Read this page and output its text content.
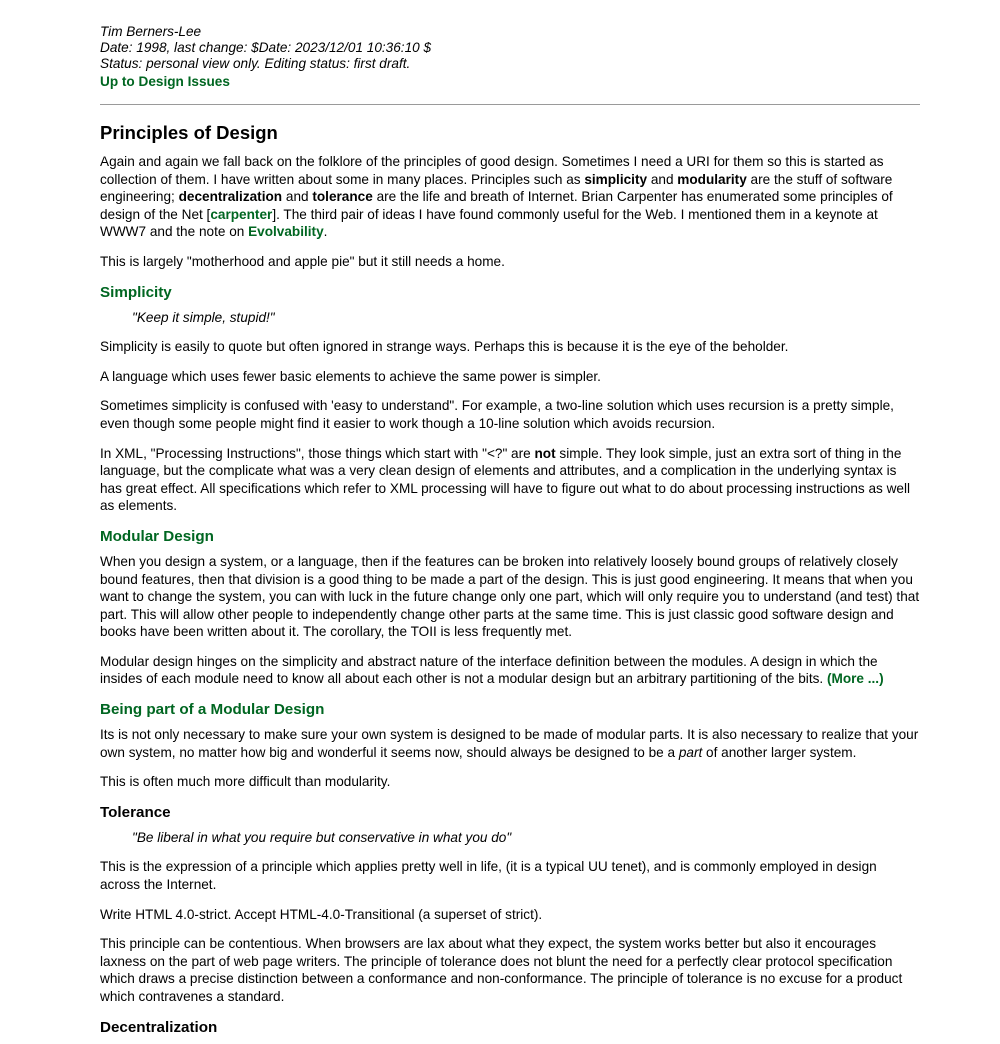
Tim Berners-Lee
Date: 1998, last change: $Date: 2023/12/01 10:36:10 $
Status: personal view only. Editing status: first draft.
Up to Design Issues
Principles of Design

Again and again we fall back on the folklore of the principles of good design. Sometimes I need a URI for them so this is started as collection of them. I have written about some in many places. Principles such as simplicity and modularity are the stuff of software engineering; decentralization and tolerance are the life and breath of Internet. Brian Carpenter has enumerated some principles of design of the Net [carpenter]. The third pair of ideas I have found commonly useful for the Web. I mentioned them in a keynote at WWW7 and the note on Evolvability.

This is largely "motherhood and apple pie" but it still needs a home.

Simplicity
"Keep it simple, stupid!"

Simplicity is easily to quote but often ignored in strange ways. Perhaps this is because it is the eye of the beholder.

A language which uses fewer basic elements to achieve the same power is simpler.

Sometimes simplicity is confused with 'easy to understand". For example, a two-line solution which uses recursion is a pretty simple, even though some people might find it easier to work though a 10-line solution which avoids recursion.

In XML, "Processing Instructions", those things which start with "<?" are not simple. They look simple, just an extra sort of thing in the language, but the complicate what was a very clean design of elements and attributes, and a complication in the underlying syntax is has great effect. All specifications which refer to XML processing will have to figure out what to do about processing instructions as well as elements.

Modular Design

When you design a system, or a language, then if the features can be broken into relatively loosely bound groups of relatively closely bound features, then that division is a good thing to be made a part of the design. This is just good engineering. It means that when you want to change the system, you can with luck in the future change only one part, which will only require you to understand (and test) that part. This will allow other people to independently change other parts at the same time. This is just classic good software design and books have been written about it. The corollary, the TOII is less frequently met.

Modular design hinges on the simplicity and abstract nature of the interface definition between the modules. A design in which the insides of each module need to know all about each other is not a modular design but an arbitrary partitioning of the bits. (More ...)

Being part of a Modular Design

Its is not only necessary to make sure your own system is designed to be made of modular parts. It is also necessary to realize that your own system, no matter how big and wonderful it seems now, should always be designed to be a part of another larger system.

This is often much more difficult than modularity.

Tolerance
"Be liberal in what you require but conservative in what you do"

This is the expression of a principle which applies pretty well in life, (it is a typical UU tenet), and is commonly employed in design across the Internet.

Write HTML 4.0-strict. Accept HTML-4.0-Transitional (a superset of strict).

This principle can be contentious. When browsers are lax about what they expect, the system works better but also it encourages laxness on the part of web page writers. The principle of tolerance does not blunt the need for a perfectly clear protocol specification which draws a precise distinction between a conformance and non-conformance. The principle of tolerance is no excuse for a product which contravenes a standard.

Decentralization
